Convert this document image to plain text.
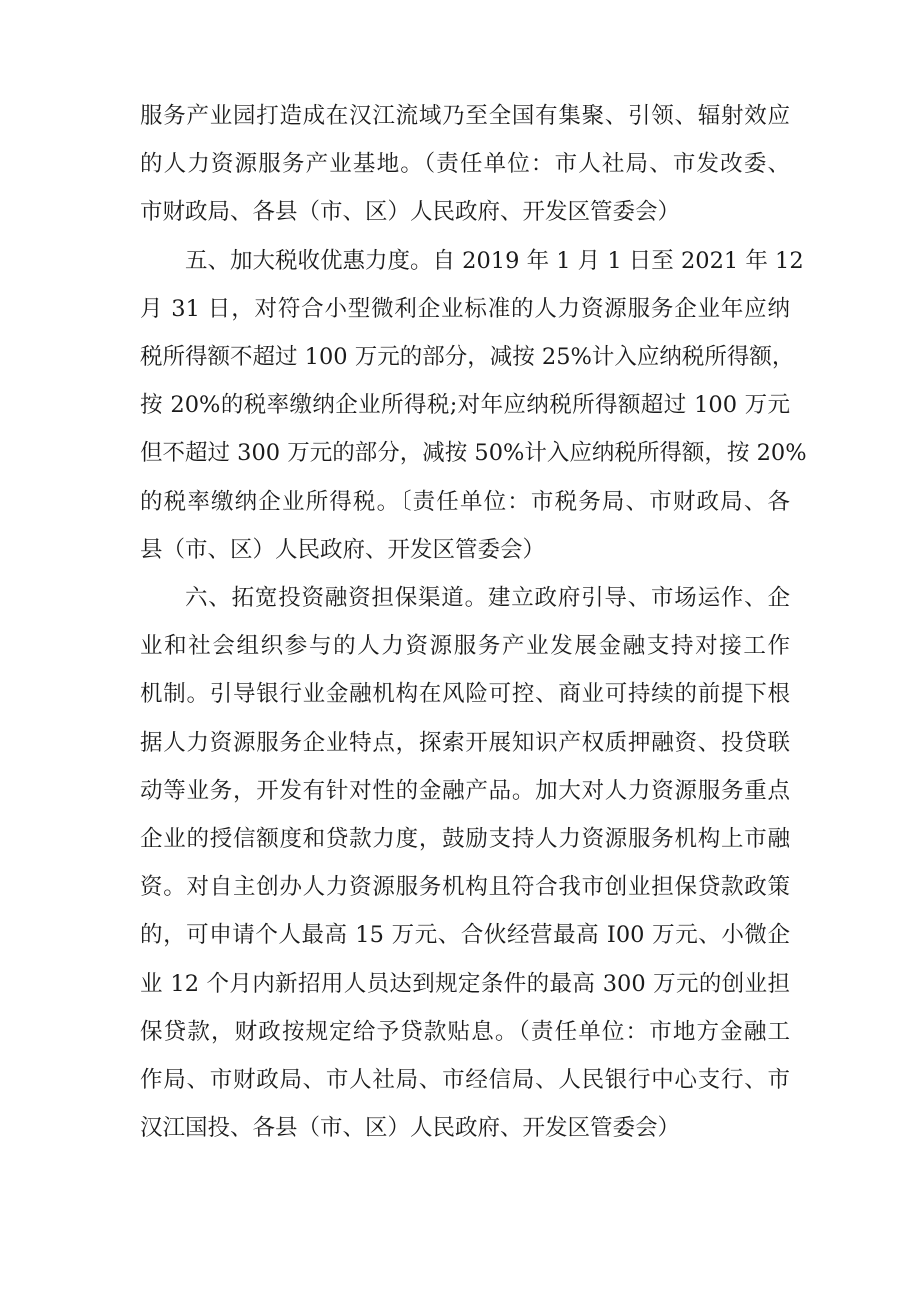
服务产业园打造成在汉江流域乃至全国有集聚、引领、辐射效应
的人力资源服务产业基地。（责任单位：市人社局、市发改委、
市财政局、各县（市、区）人民政府、开发区管委会）
五、加大税收优惠力度。自 2019 年 1 月 1 日至 2021 年 12
月 31 日，对符合小型微利企业标准的人力资源服务企业年应纳
税所得额不超过 100 万元的部分，减按 25%计入应纳税所得额，
按 20%的税率缴纳企业所得税;对年应纳税所得额超过 100 万元
但不超过 300 万元的部分，减按 50%计入应纳税所得额，按 20%
的税率缴纳企业所得税。〔责任单位：市税务局、市财政局、各
县（市、区）人民政府、开发区管委会）
六、拓宽投资融资担保渠道。建立政府引导、市场运作、企
业和社会组织参与的人力资源服务产业发展金融支持对接工作
机制。引导银行业金融机构在风险可控、商业可持续的前提下根
据人力资源服务企业特点，探索开展知识产权质押融资、投贷联
动等业务，开发有针对性的金融产品。加大对人力资源服务重点
企业的授信额度和贷款力度，鼓励支持人力资源服务机构上市融
资。对自主创办人力资源服务机构且符合我市创业担保贷款政策
的，可申请个人最高 15 万元、合伙经营最高 I00 万元、小微企
业 12 个月内新招用人员达到规定条件的最高 300 万元的创业担
保贷款，财政按规定给予贷款贴息。（责任单位：市地方金融工
作局、市财政局、市人社局、市经信局、人民银行中心支行、市
汉江国投、各县（市、区）人民政府、开发区管委会）
